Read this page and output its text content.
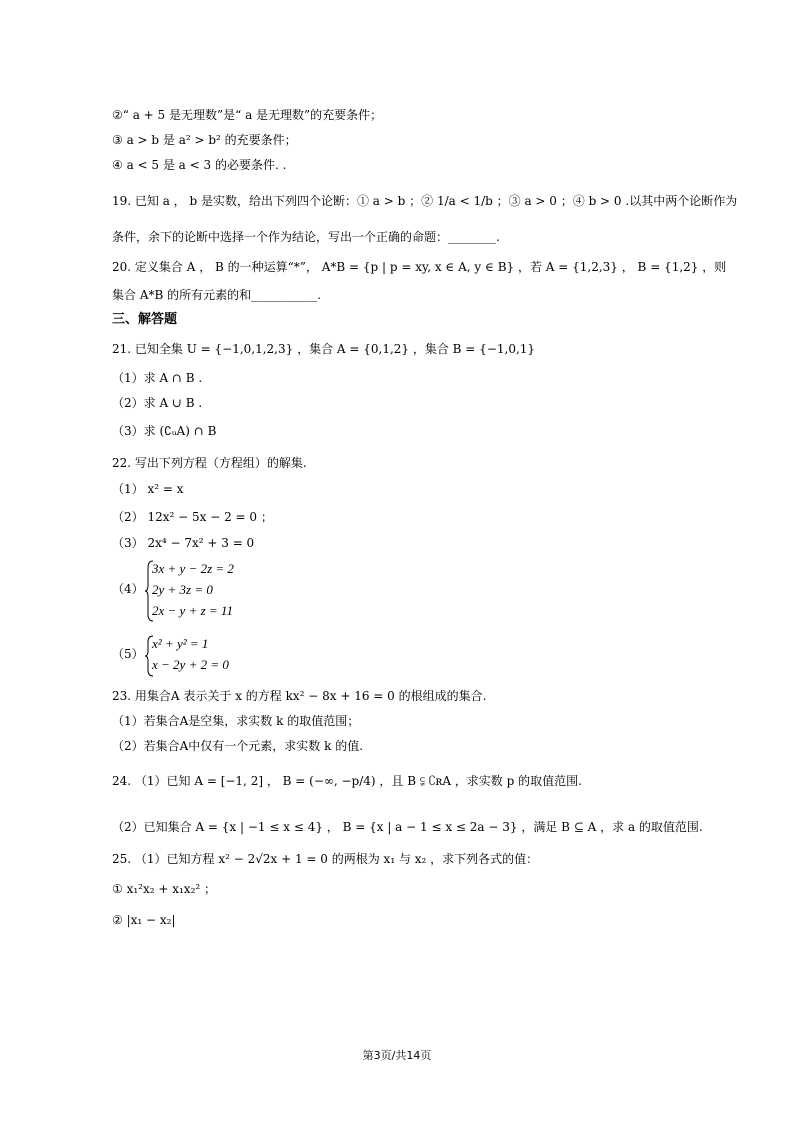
②“ a + 5 是无理数”是“ a 是无理数”的充要条件；
③ a > b 是 a² > b² 的充要条件；
④ a < 5 是 a < 3 的必要条件. .
19. 已知 a ， b 是实数，给出下列四个论断：① a > b ；② 1/a < 1/b ；③ a > 0 ；④ b > 0 .以其中两个论断作为
条件，余下的论断中选择一个作为结论，写出一个正确的命题：________.
20. 定义集合 A ， B 的一种运算“*”， A*B = {p | p = xy, x ∈ A, y ∈ B} ，若 A = {1,2,3} ， B = {1,2} ，则
集合 A*B 的所有元素的和___________.
三、解答题
21. 已知全集 U = {−1,0,1,2,3} ，集合 A = {0,1,2} ，集合 B = {−1,0,1}
（1）求 A ∩ B .
（2）求 A ∪ B .
（3）求 (∁ᵤA) ∩ B
22. 写出下列方程（方程组）的解集.
（1） x² = x
（2） 12x² − 5x − 2 = 0 ；
（3） 2x⁴ − 7x² + 3 = 0
（4）
3x + y − 2z = 2
2y + 3z = 0
2x − y + z = 11
（5）
x² + y² = 1
x − 2y + 2 = 0
23. 用集合A 表示关于 x 的方程 kx² − 8x + 16 = 0 的根组成的集合.
（1）若集合A是空集，求实数 k 的取值范围；
（2）若集合A中仅有一个元素，求实数 k 的值.
24. （1）已知 A = [−1, 2] ， B = (−∞, −p/4) ，且 B ⫋ ∁ʀA ，求实数 p 的取值范围.
（2）已知集合 A = {x | −1 ≤ x ≤ 4} ， B = {x | a − 1 ≤ x ≤ 2a − 3} ，满足 B ⊆ A ，求 a 的取值范围.
25. （1）已知方程 x² − 2√2x + 1 = 0 的两根为 x₁ 与 x₂ ，求下列各式的值：
① x₁²x₂ + x₁x₂² ；
② |x₁ − x₂|
第3页/共14页
